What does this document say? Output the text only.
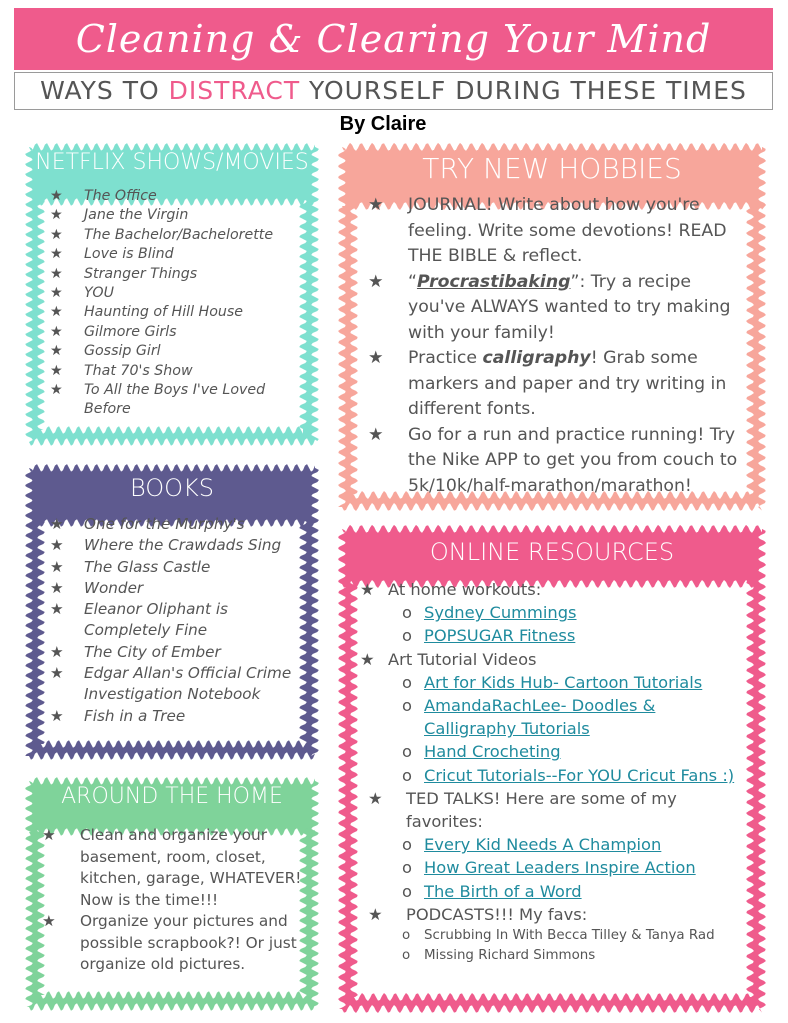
Cleaning & Clearing Your Mind
WAYS TO DISTRACT YOURSELF DURING THESE TIMES
By Claire
NETFLIX SHOWS/MOVIES
★ The Office
★ Jane the Virgin
★ The Bachelor/Bachelorette
★ Love is Blind
★ Stranger Things
★ YOU
★ Haunting of Hill House
★ Gilmore Girls
★ Gossip Girl
★ That 70's Show
★ To All the Boys I've Loved Before
BOOKS
★ One for the Murphy's
★ Where the Crawdads Sing
★ The Glass Castle
★ Wonder
★ Eleanor Oliphant is Completely Fine
★ The City of Ember
★ Edgar Allan's Official Crime Investigation Notebook
★ Fish in a Tree
AROUND THE HOME
★ Clean and organize your basement, room, closet, kitchen, garage, WHATEVER! Now is the time!!!
★ Organize your pictures and possible scrapbook?! Or just organize old pictures.
TRY NEW HOBBIES
★ JOURNAL! Write about how you're feeling. Write some devotions! READ THE BIBLE & reflect.
★ “Procrastibaking”: Try a recipe you've ALWAYS wanted to try making with your family!
★ Practice calligraphy! Grab some markers and paper and try writing in different fonts.
★ Go for a run and practice running! Try the Nike APP to get you from couch to 5k/10k/half-marathon/marathon!
ONLINE RESOURCES
★ At home workouts:
o Sydney Cummings
o POPSUGAR Fitness
★ Art Tutorial Videos
o Art for Kids Hub- Cartoon Tutorials
o AmandaRachLee- Doodles & Calligraphy Tutorials
o Hand Crocheting
o Cricut Tutorials--For YOU Cricut Fans :)
★ TED TALKS! Here are some of my favorites:
o Every Kid Needs A Champion
o How Great Leaders Inspire Action
o The Birth of a Word
★ PODCASTS!!! My favs:
o Scrubbing In With Becca Tilley & Tanya Rad
o Missing Richard Simmons
